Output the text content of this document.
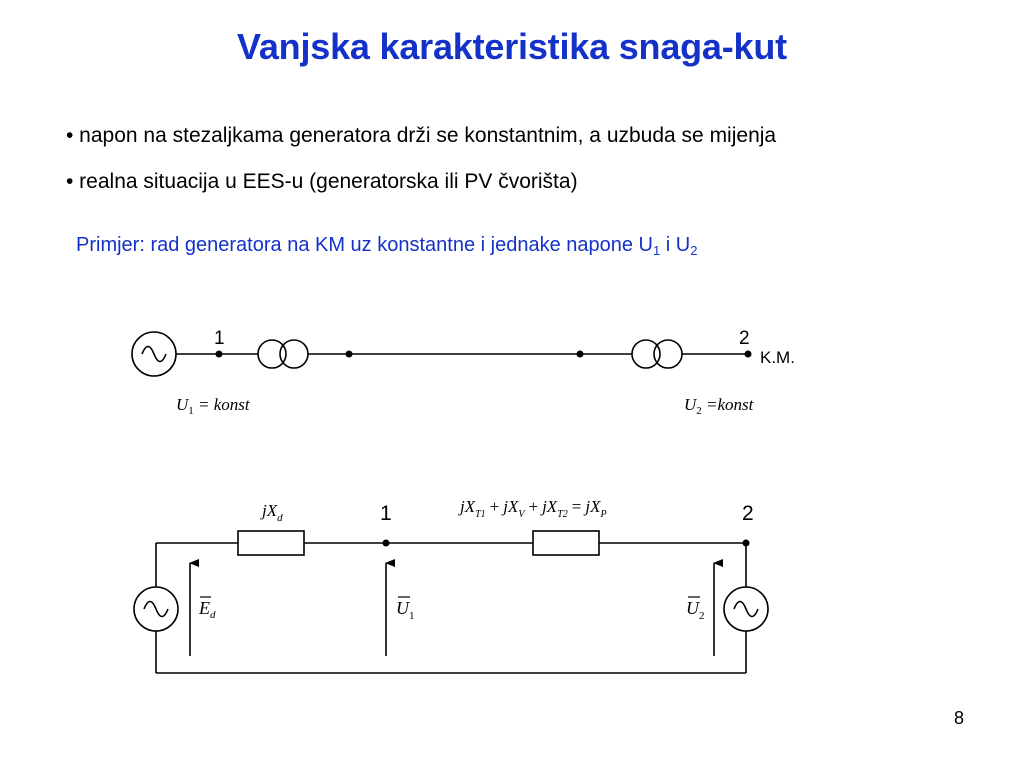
Vanjska karakteristika snaga-kut
• napon na stezaljkama generatora drži se konstantnim, a uzbuda se mijenja
• realna situacija u EES-u (generatorska ili PV čvorišta)
Primjer: rad generatora na KM uz konstantne i jednake napone $U_1$ i $U_2$
1	2
K.M.
$U_1$ = konst	$U_2$ =konst
1	2
$jX_d$
$jX_{T1} + jX_V + jX_{T2} = jX_P$
$E_d$	$U_1$	$U_2$
8
